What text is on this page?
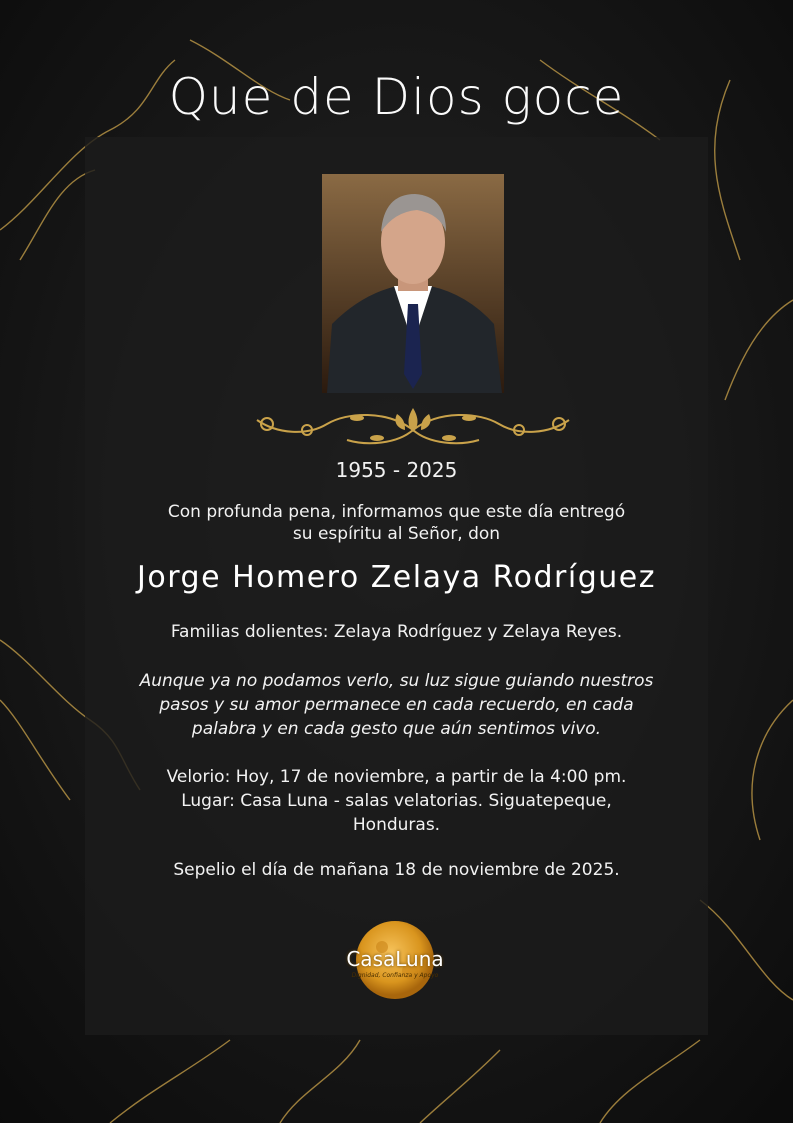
Que de Dios goce
1955 - 2025
Con profunda pena, informamos que este día entregó
su espíritu al Señor, don
Jorge Homero Zelaya Rodríguez
Familias dolientes: Zelaya Rodríguez y Zelaya Reyes.
Aunque ya no podamos verlo, su luz sigue guiando nuestros
pasos y su amor permanece en cada recuerdo, en cada
palabra y en cada gesto que aún sentimos vivo.
Velorio: Hoy, 17 de noviembre, a partir de la 4:00 pm.
Lugar: Casa Luna - salas velatorias. Siguatepeque,
Honduras.
Sepelio el día de mañana 18 de noviembre de 2025.
CasaLuna
Dignidad, Confianza y Apoyo
